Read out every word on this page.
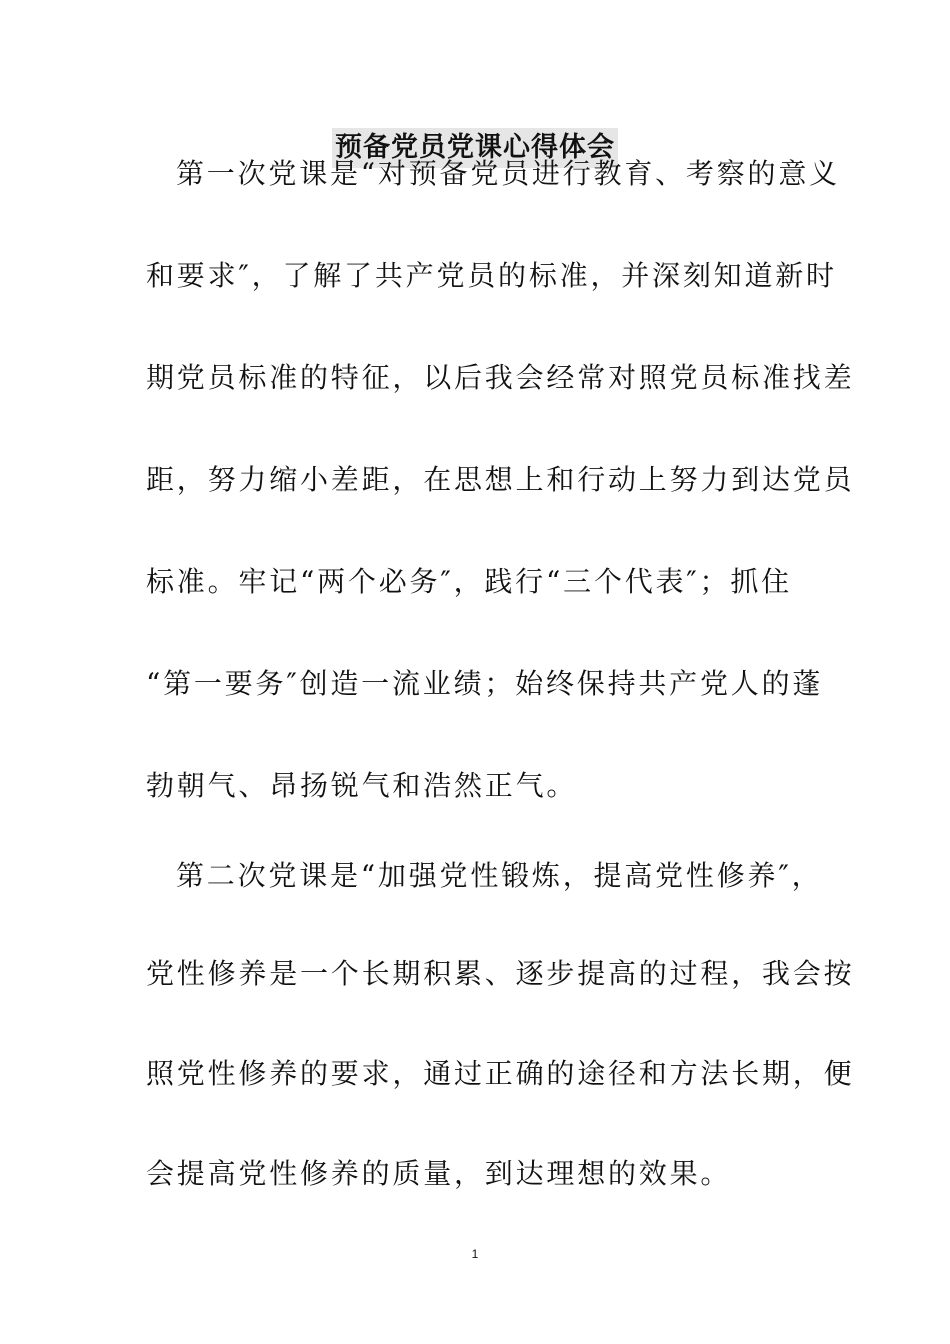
预备党员党课心得体会
第一次党课是“对预备党员进行教育、考察的意义
和要求″，了解了共产党员的标准，并深刻知道新时
期党员标准的特征，以后我会经常对照党员标准找差
距，努力缩小差距，在思想上和行动上努力到达党员
标准。牢记“两个必务″，践行“三个代表″；抓住
“第一要务″创造一流业绩；始终保持共产党人的蓬
勃朝气、昂扬锐气和浩然正气。
第二次党课是“加强党性锻炼，提高党性修养″，
党性修养是一个长期积累、逐步提高的过程，我会按
照党性修养的要求，通过正确的途径和方法长期，便
会提高党性修养的质量，到达理想的效果。
1
